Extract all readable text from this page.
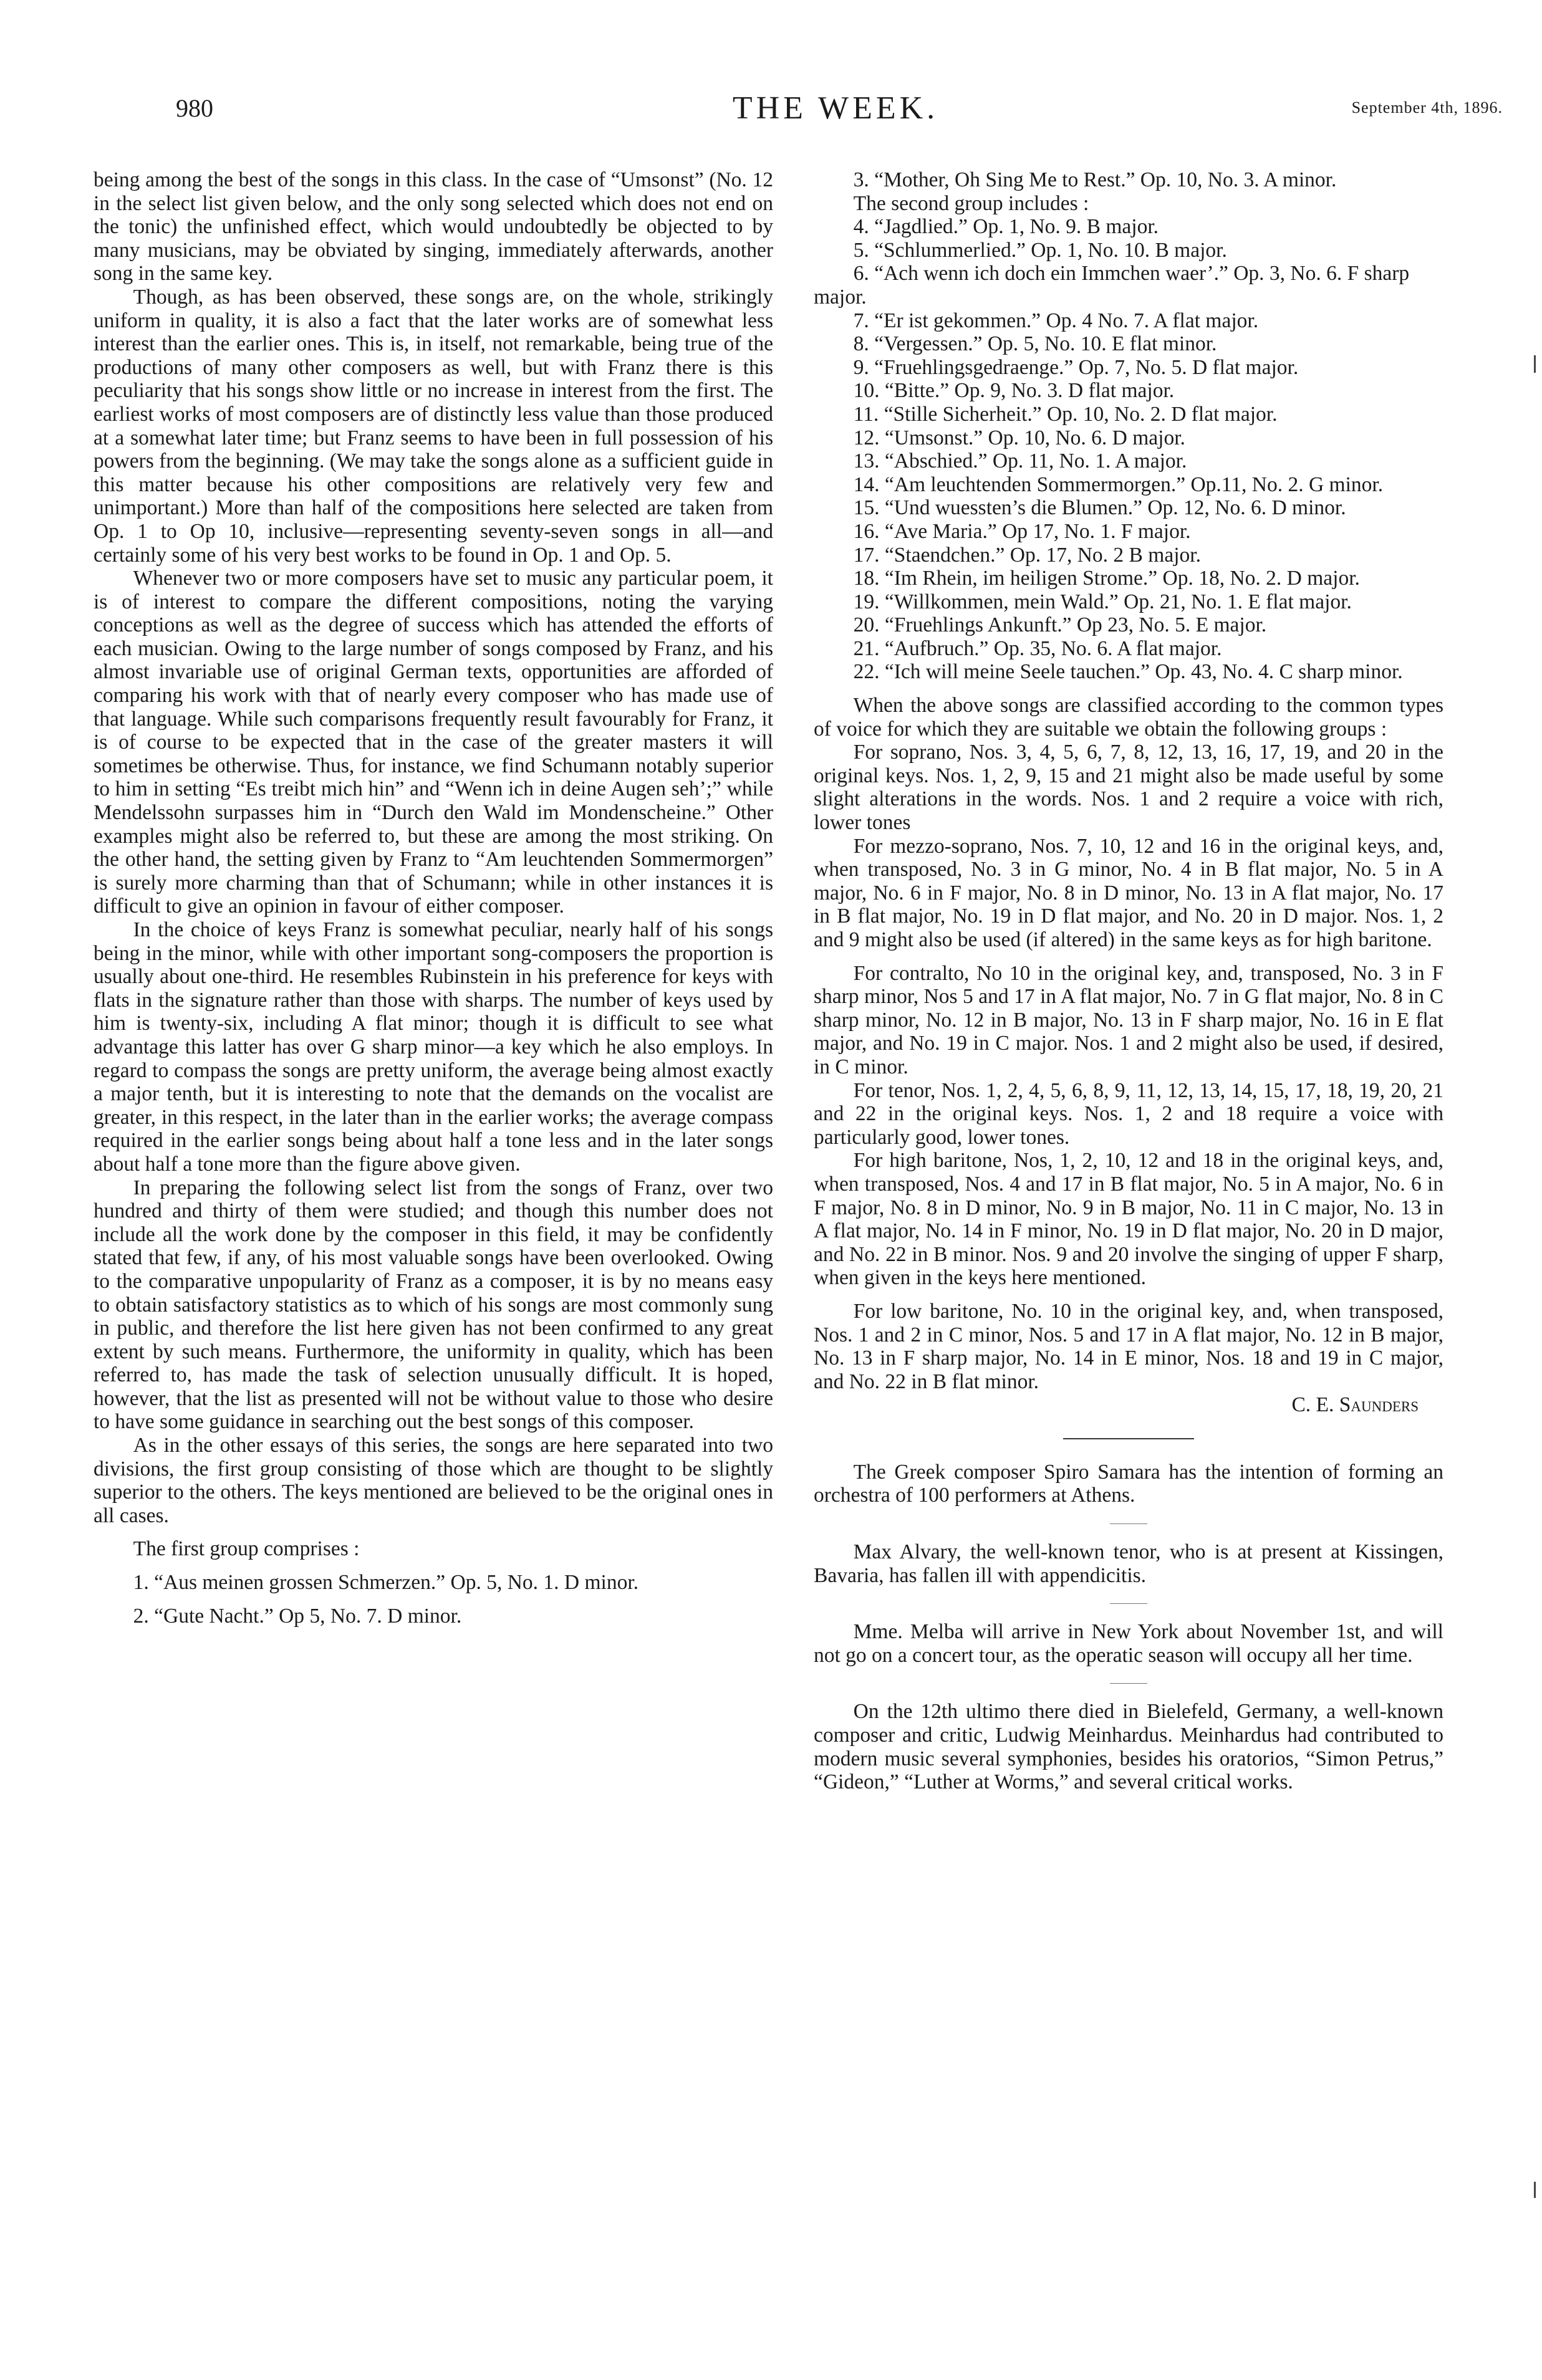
980	THE WEEK.	September 4th, 1896.

being among the best of the songs in this class. In the case of “Umsonst” (No. 12 in the select list given below, and the only song selected which does not end on the tonic) the unfinished effect, which would undoubtedly be objected to by many musicians, may be obviated by singing, immediately afterwards, another song in the same key.

Though, as has been observed, these songs are, on the whole, strikingly uniform in quality, it is also a fact that the later works are of somewhat less interest than the earlier ones. This is, in itself, not remarkable, being true of the productions of many other composers as well, but with Franz there is this peculiarity that his songs show little or no increase in interest from the first. The earliest works of most composers are of distinctly less value than those produced at a somewhat later time; but Franz seems to have been in full possession of his powers from the beginning. (We may take the songs alone as a sufficient guide in this matter because his other compositions are relatively very few and unimportant.) More than half of the compositions here selected are taken from Op. 1 to Op 10, inclusive—representing seventy-seven songs in all—and certainly some of his very best works to be found in Op. 1 and Op. 5.

Whenever two or more composers have set to music any particular poem, it is of interest to compare the different compositions, noting the varying conceptions as well as the degree of success which has attended the efforts of each musician. Owing to the large number of songs composed by Franz, and his almost invariable use of original German texts, opportunities are afforded of comparing his work with that of nearly every composer who has made use of that language. While such comparisons frequently result favourably for Franz, it is of course to be expected that in the case of the greater masters it will sometimes be otherwise. Thus, for instance, we find Schumann notably superior to him in setting “Es treibt mich hin” and “Wenn ich in deine Augen seh’;” while Mendelssohn surpasses him in “Durch den Wald im Mondenscheine.” Other examples might also be referred to, but these are among the most striking. On the other hand, the setting given by Franz to “Am leuchtenden Sommermorgen” is surely more charming than that of Schumann; while in other instances it is difficult to give an opinion in favour of either composer.

In the choice of keys Franz is somewhat peculiar, nearly half of his songs being in the minor, while with other important song-composers the proportion is usually about one-third. He resembles Rubinstein in his preference for keys with flats in the signature rather than those with sharps. The number of keys used by him is twenty-six, including A flat minor; though it is difficult to see what advantage this latter has over G sharp minor—a key which he also employs. In regard to compass the songs are pretty uniform, the average being almost exactly a major tenth, but it is interesting to note that the demands on the vocalist are greater, in this respect, in the later than in the earlier works; the average compass required in the earlier songs being about half a tone less and in the later songs about half a tone more than the figure above given.

In preparing the following select list from the songs of Franz, over two hundred and thirty of them were studied; and though this number does not include all the work done by the composer in this field, it may be confidently stated that few, if any, of his most valuable songs have been overlooked. Owing to the comparative unpopularity of Franz as a composer, it is by no means easy to obtain satisfactory statistics as to which of his songs are most commonly sung in public, and therefore the list here given has not been confirmed to any great extent by such means. Furthermore, the uniformity in quality, which has been referred to, has made the task of selection unusually difficult. It is hoped, however, that the list as presented will not be without value to those who desire to have some guidance in searching out the best songs of this composer.

As in the other essays of this series, the songs are here separated into two divisions, the first group consisting of those which are thought to be slightly superior to the others. The keys mentioned are believed to be the original ones in all cases.

The first group comprises :

1. “Aus meinen grossen Schmerzen.” Op. 5, No. 1. D minor.

2. “Gute Nacht.” Op 5, No. 7. D minor.

3. “Mother, Oh Sing Me to Rest.” Op. 10, No. 3. A minor.

The second group includes :

4. “Jagdlied.” Op. 1, No. 9. B major.

5. “Schlummerlied.” Op. 1, No. 10. B major.

6. “Ach wenn ich doch ein Immchen waer’.” Op. 3, No. 6. F sharp major.

7. “Er ist gekommen.” Op. 4 No. 7. A flat major.

8. “Vergessen.” Op. 5, No. 10. E flat minor.

9. “Fruehlingsgedraenge.” Op. 7, No. 5. D flat major.

10. “Bitte.” Op. 9, No. 3. D flat major.

11. “Stille Sicherheit.” Op. 10, No. 2. D flat major.

12. “Umsonst.” Op. 10, No. 6. D major.

13. “Abschied.” Op. 11, No. 1. A major.

14. “Am leuchtenden Sommermorgen.” Op.11, No. 2. G minor.

15. “Und wuessten’s die Blumen.” Op. 12, No. 6. D minor.

16. “Ave Maria.” Op 17, No. 1. F major.

17. “Staendchen.” Op. 17, No. 2 B major.

18. “Im Rhein, im heiligen Strome.” Op. 18, No. 2. D major.

19. “Willkommen, mein Wald.” Op. 21, No. 1. E flat major.

20. “Fruehlings Ankunft.” Op 23, No. 5. E major.

21. “Aufbruch.” Op. 35, No. 6. A flat major.

22. “Ich will meine Seele tauchen.” Op. 43, No. 4. C sharp minor.

When the above songs are classified according to the common types of voice for which they are suitable we obtain the following groups :

For soprano, Nos. 3, 4, 5, 6, 7, 8, 12, 13, 16, 17, 19, and 20 in the original keys. Nos. 1, 2, 9, 15 and 21 might also be made useful by some slight alterations in the words. Nos. 1 and 2 require a voice with rich, lower tones

For mezzo-soprano, Nos. 7, 10, 12 and 16 in the original keys, and, when transposed, No. 3 in G minor, No. 4 in B flat major, No. 5 in A major, No. 6 in F major, No. 8 in D minor, No. 13 in A flat major, No. 17 in B flat major, No. 19 in D flat major, and No. 20 in D major. Nos. 1, 2 and 9 might also be used (if altered) in the same keys as for high baritone.

For contralto, No 10 in the original key, and, transposed, No. 3 in F sharp minor, Nos 5 and 17 in A flat major, No. 7 in G flat major, No. 8 in C sharp minor, No. 12 in B major, No. 13 in F sharp major, No. 16 in E flat major, and No. 19 in C major. Nos. 1 and 2 might also be used, if desired, in C minor.

For tenor, Nos. 1, 2, 4, 5, 6, 8, 9, 11, 12, 13, 14, 15, 17, 18, 19, 20, 21 and 22 in the original keys. Nos. 1, 2 and 18 require a voice with particularly good, lower tones.

For high baritone, Nos, 1, 2, 10, 12 and 18 in the original keys, and, when transposed, Nos. 4 and 17 in B flat major, No. 5 in A major, No. 6 in F major, No. 8 in D minor, No. 9 in B major, No. 11 in C major, No. 13 in A flat major, No. 14 in F minor, No. 19 in D flat major, No. 20 in D major, and No. 22 in B minor. Nos. 9 and 20 involve the singing of upper F sharp, when given in the keys here mentioned.

For low baritone, No. 10 in the original key, and, when transposed, Nos. 1 and 2 in C minor, Nos. 5 and 17 in A flat major, No. 12 in B major, No. 13 in F sharp major, No. 14 in E minor, Nos. 18 and 19 in C major, and No. 22 in B flat minor.

C. E. Saunders

The Greek composer Spiro Samara has the intention of forming an orchestra of 100 performers at Athens.

Max Alvary, the well-known tenor, who is at present at Kissingen, Bavaria, has fallen ill with appendicitis.

Mme. Melba will arrive in New York about November 1st, and will not go on a concert tour, as the operatic season will occupy all her time.

On the 12th ultimo there died in Bielefeld, Germany, a well-known composer and critic, Ludwig Meinhardus. Meinhardus had contributed to modern music several symphonies, besides his oratorios, “Simon Petrus,” “Gideon,” “Luther at Worms,” and several critical works.
